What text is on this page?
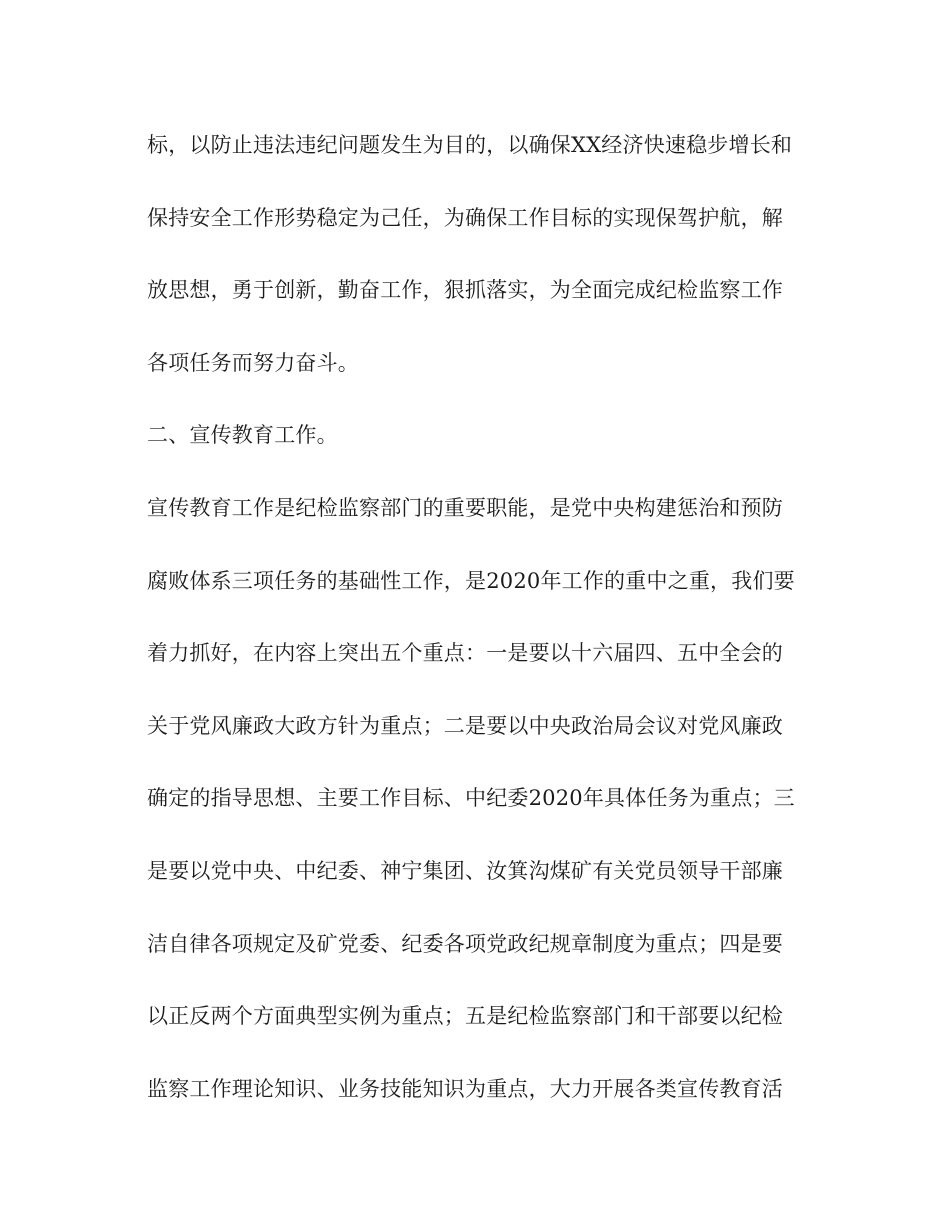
标，以防止违法违纪问题发生为目的，以确保XX经济快速稳步增长和
保持安全工作形势稳定为己任，为确保工作目标的实现保驾护航，解
放思想，勇于创新，勤奋工作，狠抓落实，为全面完成纪检监察工作
各项任务而努力奋斗。
二、宣传教育工作。
宣传教育工作是纪检监察部门的重要职能，是党中央构建惩治和预防
腐败体系三项任务的基础性工作，是2020年工作的重中之重，我们要
着力抓好，在内容上突出五个重点：一是要以十六届四、五中全会的
关于党风廉政大政方针为重点；二是要以中央政治局会议对党风廉政
确定的指导思想、主要工作目标、中纪委2020年具体任务为重点；三
是要以党中央、中纪委、神宁集团、汝箕沟煤矿有关党员领导干部廉
洁自律各项规定及矿党委、纪委各项党政纪规章制度为重点；四是要
以正反两个方面典型实例为重点；五是纪检监察部门和干部要以纪检
监察工作理论知识、业务技能知识为重点，大力开展各类宣传教育活
